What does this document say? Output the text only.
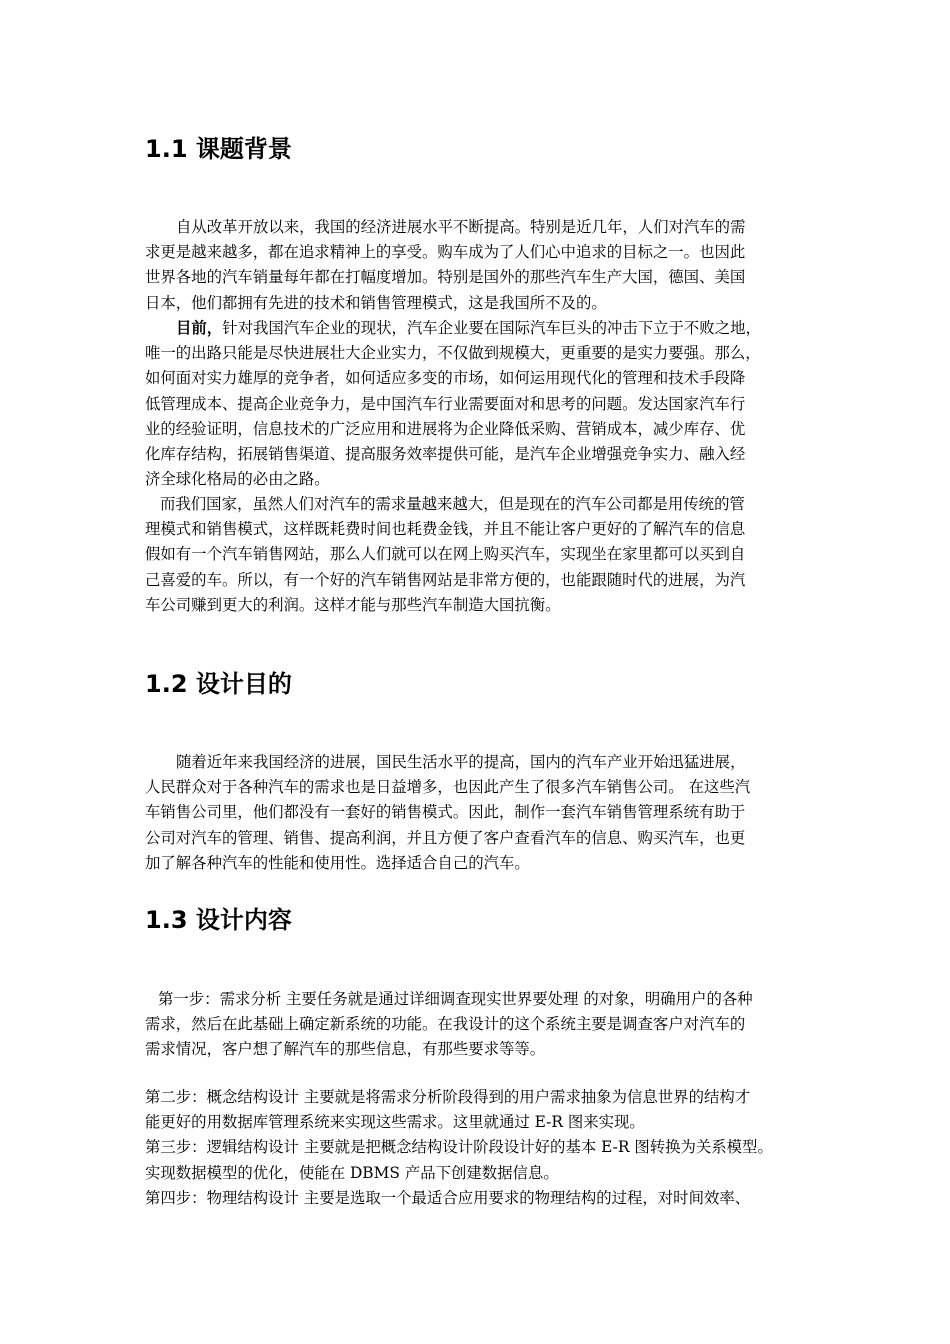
1.1 课题背景
自从改革开放以来，我国的经济进展水平不断提高。特别是近几年，人们对汽车的需
求更是越来越多，都在追求精神上的享受。购车成为了人们心中追求的目标之一。也因此
世界各地的汽车销量每年都在打幅度增加。特别是国外的那些汽车生产大国，德国、美国
日本，他们都拥有先进的技术和销售管理模式，这是我国所不及的。
目前，针对我国汽车企业的现状，汽车企业要在国际汽车巨头的冲击下立于不败之地，
唯一的出路只能是尽快进展壮大企业实力，不仅做到规模大，更重要的是实力要强。那么，
如何面对实力雄厚的竞争者，如何适应多变的市场，如何运用现代化的管理和技术手段降
低管理成本、提高企业竞争力，是中国汽车行业需要面对和思考的问题。发达国家汽车行
业的经验证明，信息技术的广泛应用和进展将为企业降低采购、营销成本，减少库存、优
化库存结构，拓展销售渠道、提高服务效率提供可能，是汽车企业增强竞争实力、融入经
济全球化格局的必由之路。
而我们国家，虽然人们对汽车的需求量越来越大，但是现在的汽车公司都是用传统的管
理模式和销售模式，这样既耗费时间也耗费金钱，并且不能让客户更好的了解汽车的信息
假如有一个汽车销售网站，那么人们就可以在网上购买汽车，实现坐在家里都可以买到自
己喜爱的车。所以，有一个好的汽车销售网站是非常方便的，也能跟随时代的进展，为汽
车公司赚到更大的利润。这样才能与那些汽车制造大国抗衡。
1.2 设计目的
随着近年来我国经济的进展，国民生活水平的提高，国内的汽车产业开始迅猛进展，
人民群众对于各种汽车的需求也是日益增多，也因此产生了很多汽车销售公司。 在这些汽
车销售公司里，他们都没有一套好的销售模式。因此，制作一套汽车销售管理系统有助于
公司对汽车的管理、销售、提高利润，并且方便了客户查看汽车的信息、购买汽车，也更
加了解各种汽车的性能和使用性。选择适合自己的汽车。
1.3 设计内容
第一步：需求分析 主要任务就是通过详细调查现实世界要处理 的对象，明确用户的各种
需求，然后在此基础上确定新系统的功能。在我设计的这个系统主要是调查客户对汽车的
需求情况，客户想了解汽车的那些信息，有那些要求等等。
第二步：概念结构设计 主要就是将需求分析阶段得到的用户需求抽象为信息世界的结构才
能更好的用数据库管理系统来实现这些需求。这里就通过 E-R 图来实现。
第三步：逻辑结构设计 主要就是把概念结构设计阶段设计好的基本 E-R 图转换为关系模型。
实现数据模型的优化，使能在 DBMS 产品下创建数据信息。
第四步：物理结构设计 主要是选取一个最适合应用要求的物理结构的过程，对时间效率、
